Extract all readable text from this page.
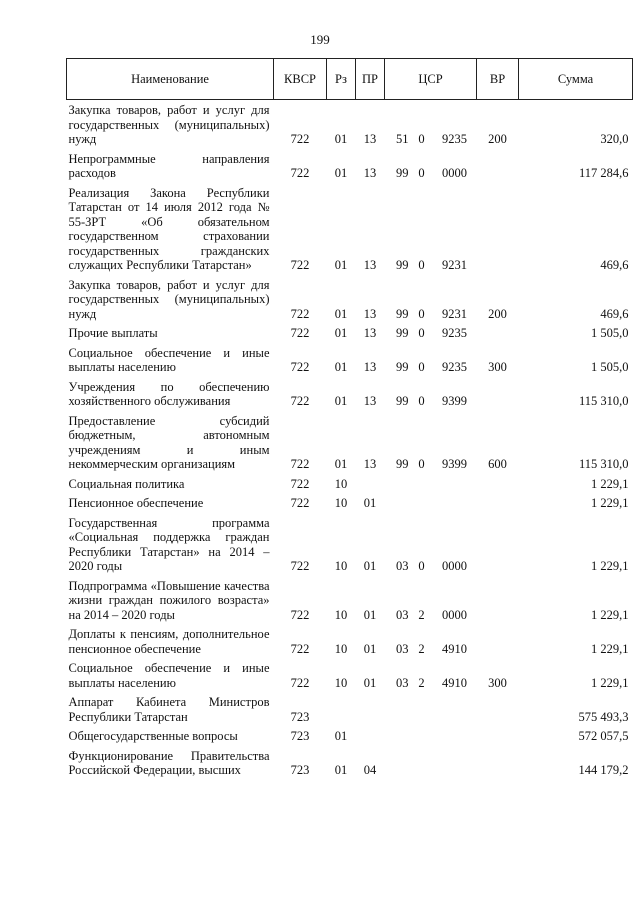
199
Наименование	КВСР	Рз	ПР	ЦСР			ВР	Сумма
Закупка товаров, работ и услуг для государственных (муниципальных) нужд	722	01	13	51	0	9235	200	320,0
Непрограммные направления расходов	722	01	13	99	0	0000		117 284,6
Реализация Закона Республики Татарстан от 14 июля 2012 года № 55-ЗРТ «Об обязательном государственном страховании государственных гражданских служащих Республики Татарстан»	722	01	13	99	0	9231		469,6
Закупка товаров, работ и услуг для государственных (муниципальных) нужд	722	01	13	99	0	9231	200	469,6
Прочие выплаты	722	01	13	99	0	9235		1 505,0
Социальное обеспечение и иные выплаты населению	722	01	13	99	0	9235	300	1 505,0
Учреждения по обеспечению хозяйственного обслуживания	722	01	13	99	0	9399		115 310,0
Предоставление субсидий бюджетным, автономным учреждениям и иным некоммерческим организациям	722	01	13	99	0	9399	600	115 310,0
Социальная политика	722	10						1 229,1
Пенсионное обеспечение	722	10	01					1 229,1
Государственная программа «Социальная поддержка граждан Республики Татарстан» на 2014 – 2020 годы	722	10	01	03	0	0000		1 229,1
Подпрограмма «Повышение качества жизни граждан пожилого возраста» на 2014 – 2020 годы	722	10	01	03	2	0000		1 229,1
Доплаты к пенсиям, дополнительное пенсионное обеспечение	722	10	01	03	2	4910		1 229,1
Социальное обеспечение и иные выплаты населению	722	10	01	03	2	4910	300	1 229,1
Аппарат Кабинета Министров Республики Татарстан	723							575 493,3
Общегосударственные вопросы	723	01						572 057,5
Функционирование Правительства Российской Федерации, высших	723	01	04					144 179,2
